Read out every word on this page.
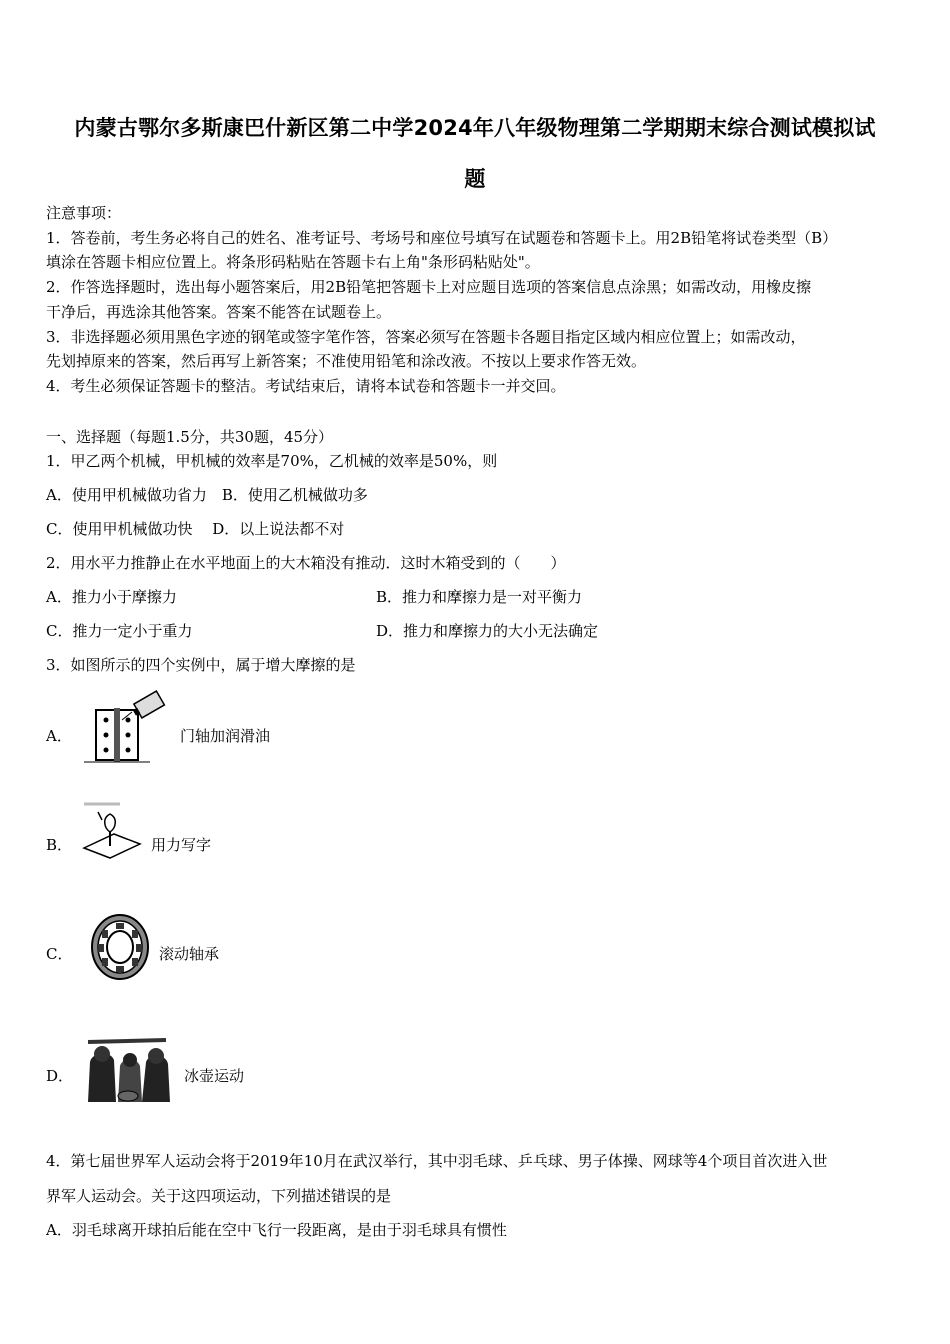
内蒙古鄂尔多斯康巴什新区第二中学2024年八年级物理第二学期期末综合测试模拟试
题
注意事项：
1．答卷前，考生务必将自己的姓名、准考证号、考场号和座位号填写在试题卷和答题卡上。用2B铅笔将试卷类型（B）
填涂在答题卡相应位置上。将条形码粘贴在答题卡右上角"条形码粘贴处"。
2．作答选择题时，选出每小题答案后，用2B铅笔把答题卡上对应题目选项的答案信息点涂黑；如需改动，用橡皮擦
干净后，再选涂其他答案。答案不能答在试题卷上。
3．非选择题必须用黑色字迹的钢笔或签字笔作答，答案必须写在答题卡各题目指定区域内相应位置上；如需改动，
先划掉原来的答案，然后再写上新答案；不准使用铅笔和涂改液。不按以上要求作答无效。
4．考生必须保证答题卡的整洁。考试结束后，请将本试卷和答题卡一并交回。
一、选择题（每题1.5分，共30题，45分）
1．甲乙两个机械，甲机械的效率是70%，乙机械的效率是50%，则
A．使用甲机械做功省力　B．使用乙机械做功多
C．使用甲机械做功快　 D．以上说法都不对
2．用水平力推静止在水平地面上的大木箱没有推动．这时木箱受到的（　　）
A．推力小于摩擦力	B．推力和摩擦力是一对平衡力
C．推力一定小于重力	D．推力和摩擦力的大小无法确定
3．如图所示的四个实例中，属于增大摩擦的是
A．	门轴加润滑油
B．	用力写字
C．	滚动轴承
D．	冰壶运动
4．第七届世界军人运动会将于2019年10月在武汉举行，其中羽毛球、乒乓球、男子体操、网球等4个项目首次进入世
界军人运动会。关于这四项运动，下列描述错误的是
A．羽毛球离开球拍后能在空中飞行一段距离，是由于羽毛球具有惯性
